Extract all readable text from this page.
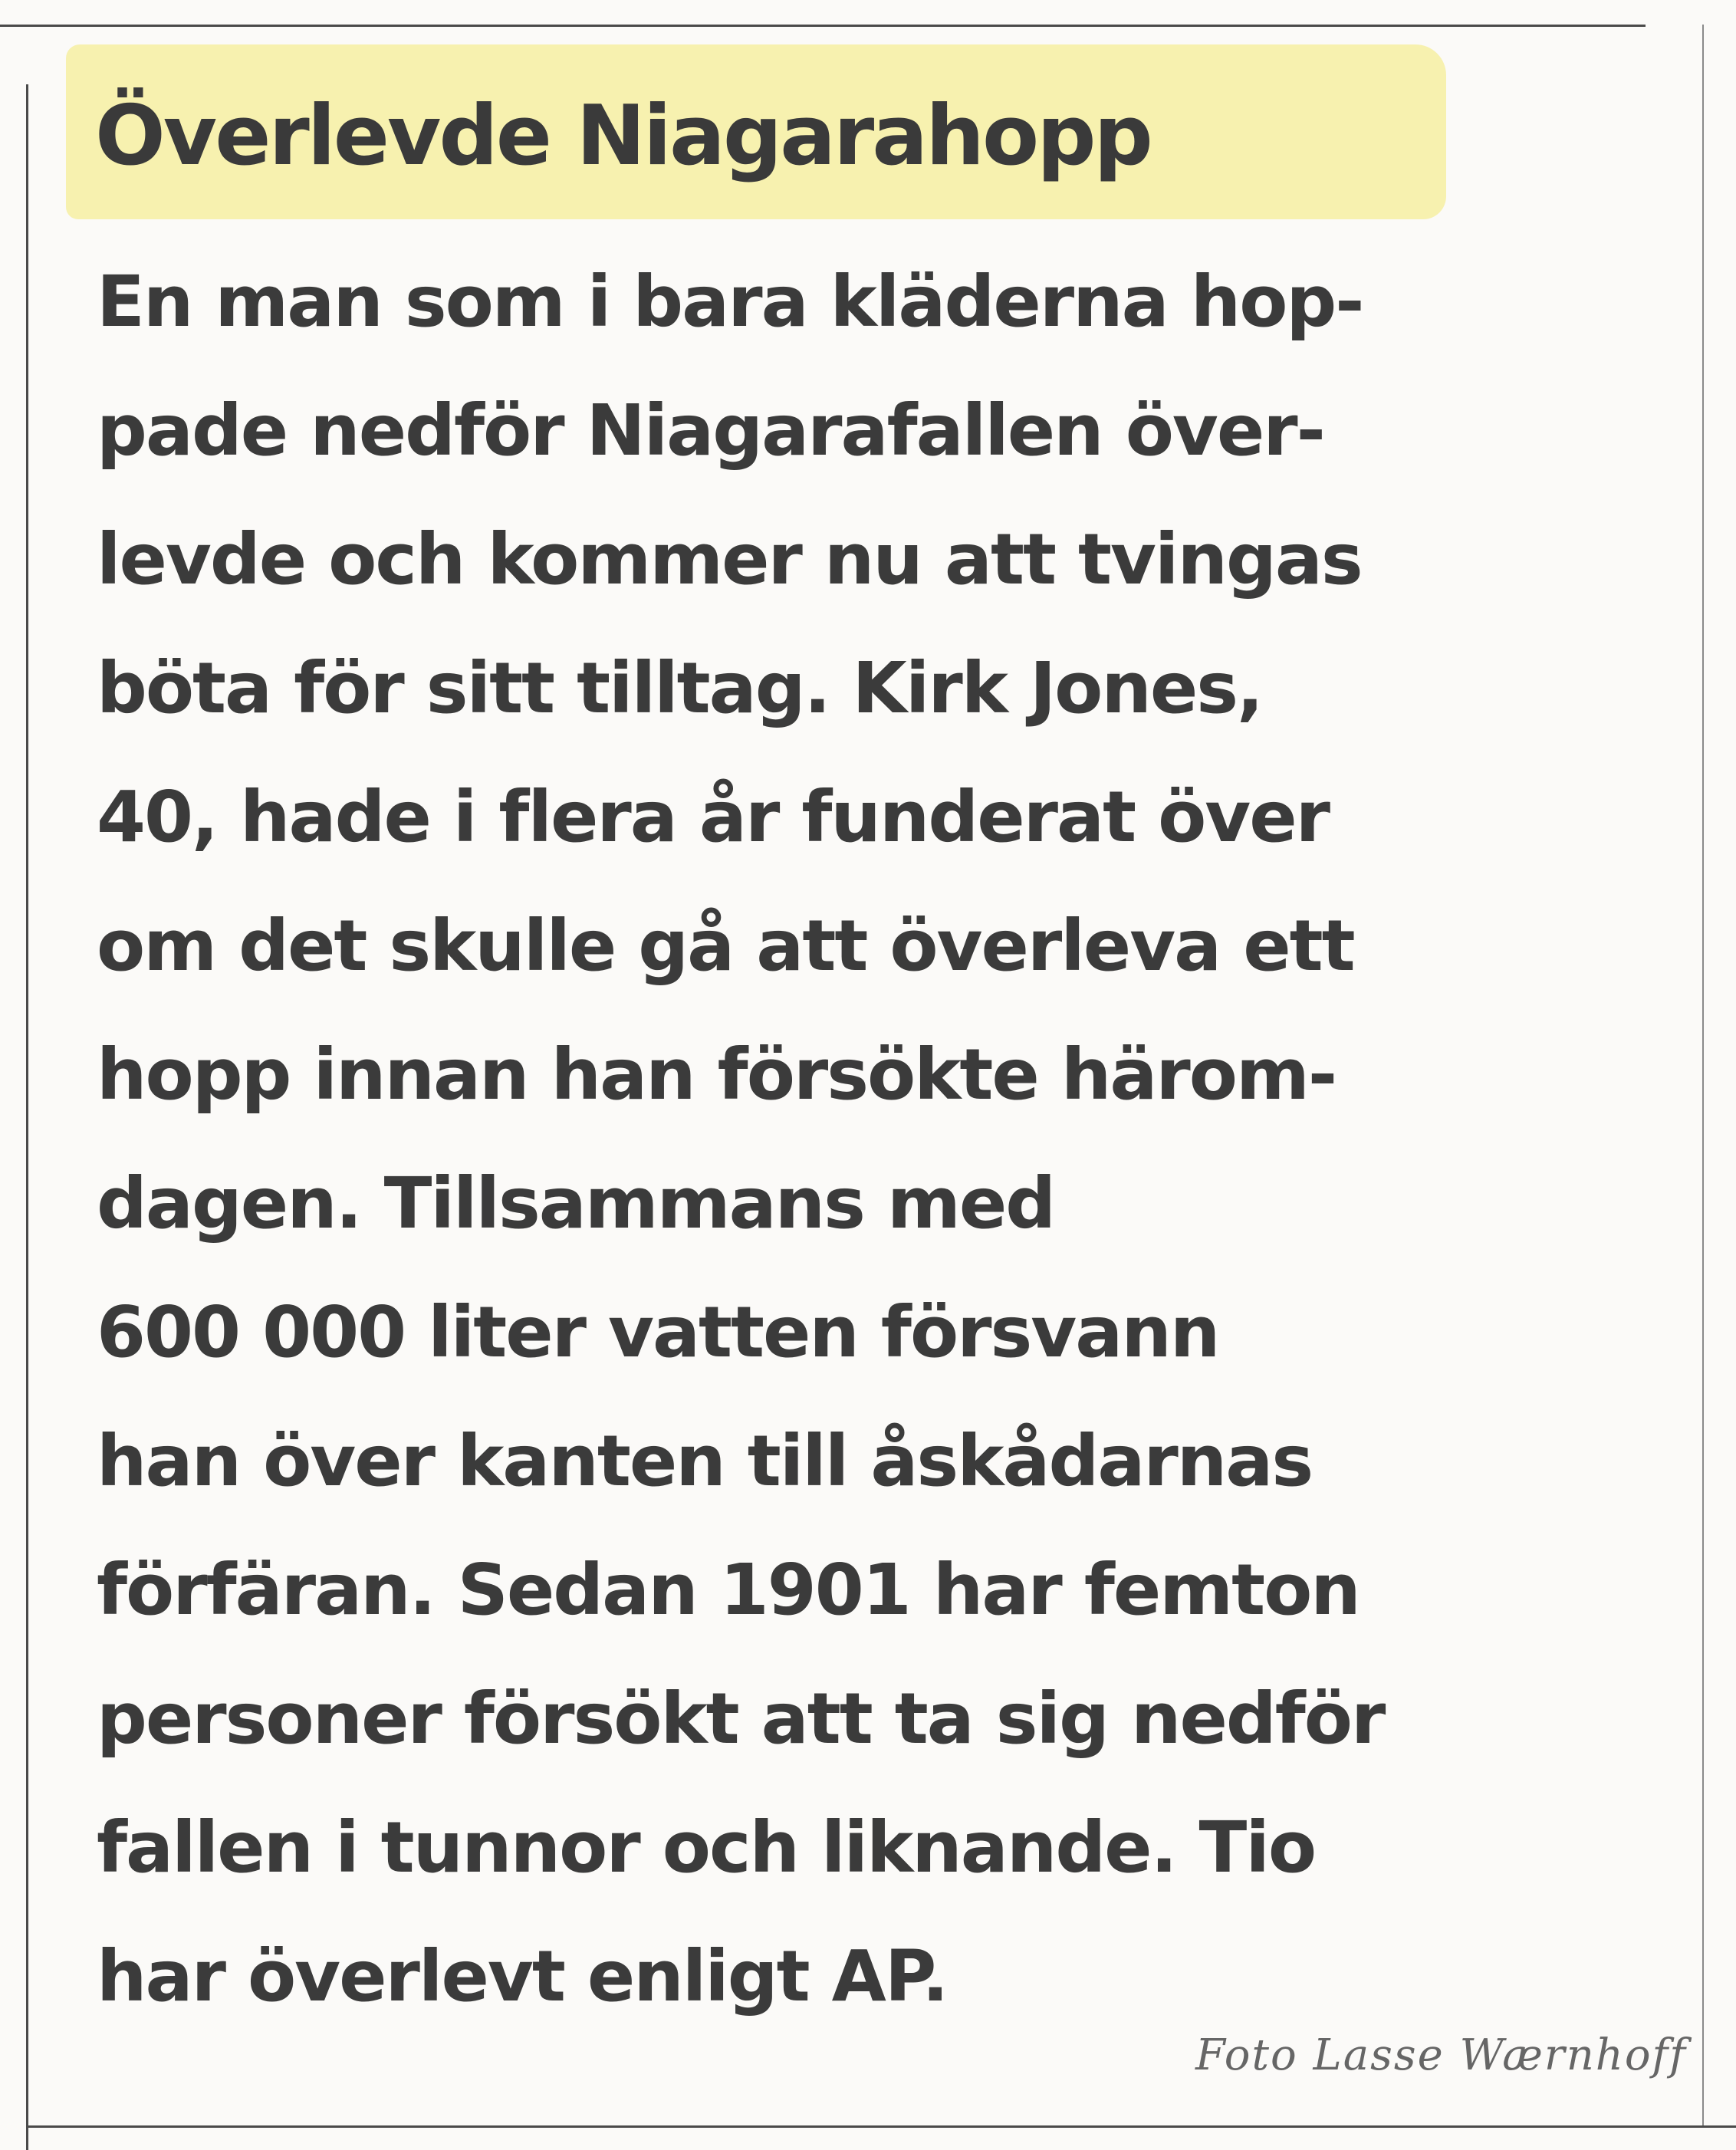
Överlevde Niagarahopp
En man som i bara kläderna hop-
pade nedför Niagarafallen över-
levde och kommer nu att tvingas
böta för sitt tilltag. Kirk Jones,
40, hade i flera år funderat över
om det skulle gå att överleva ett
hopp innan han försökte härom-
dagen. Tillsammans med
600 000 liter vatten försvann
han över kanten till åskådarnas
förfäran. Sedan 1901 har femton
personer försökt att ta sig nedför
fallen i tunnor och liknande. Tio
har överlevt enligt AP.
Foto Lasse Wærnhoff
